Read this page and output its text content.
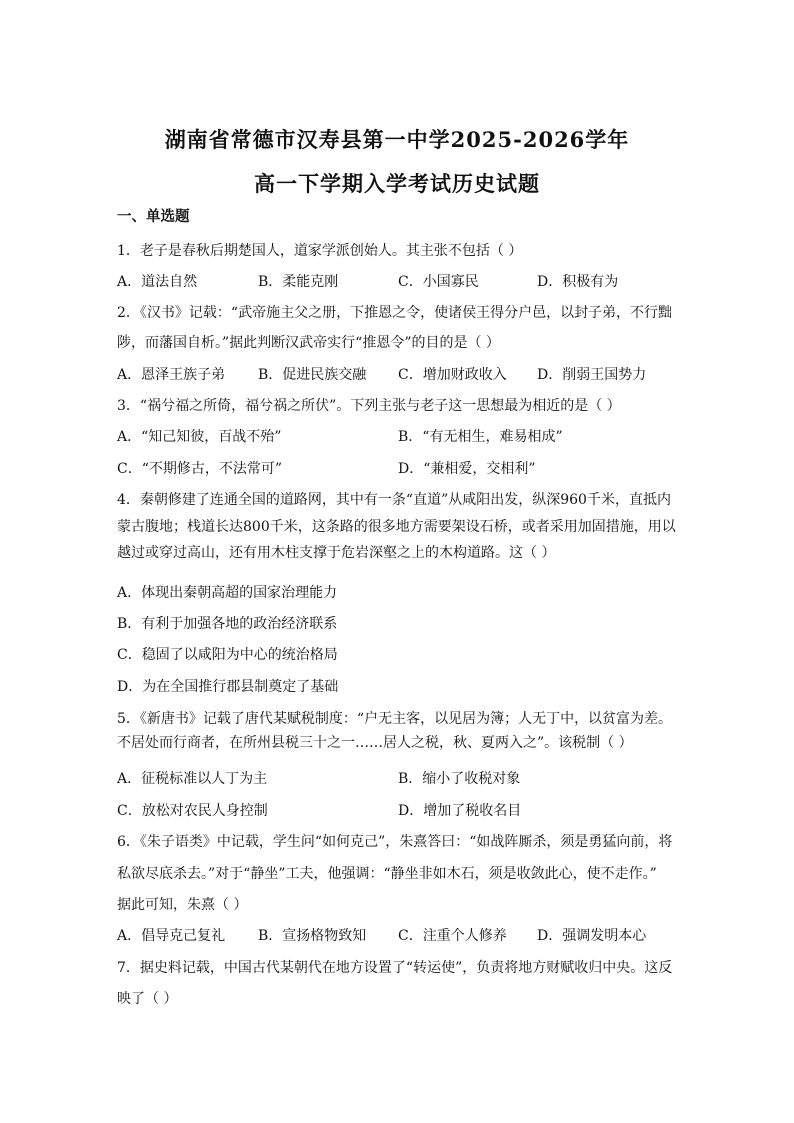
湖南省常德市汉寿县第一中学2025-2026学年
高一下学期入学考试历史试题
一、单选题
1．老子是春秋后期楚国人，道家学派创始人。其主张不包括（ ）
A．道法自然	B．柔能克刚	C．小国寡民	D．积极有为
2．《汉书》记载：“武帝施主父之册，下推恩之令，使诸侯王得分户邑，以封子弟，不行黜
陟，而藩国自析。”据此判断汉武帝实行“推恩令”的目的是（ ）
A．恩泽王族子弟 B．促进民族交融 C．增加财政收入 D．削弱王国势力
3．“祸兮福之所倚，福兮祸之所伏”。下列主张与老子这一思想最为相近的是（ ）
A．“知己知彼，百战不殆”	B．“有无相生，难易相成”
C．“不期修古，不法常可”	D．“兼相爱，交相利”
4．秦朝修建了连通全国的道路网，其中有一条“直道”从咸阳出发，纵深960千米，直抵内
蒙古腹地；栈道长达800千米，这条路的很多地方需要架设石桥，或者采用加固措施，用以
越过或穿过高山，还有用木柱支撑于危岩深壑之上的木构道路。这（ ）
A．体现出秦朝高超的国家治理能力
B．有利于加强各地的政治经济联系
C．稳固了以咸阳为中心的统治格局
D．为在全国推行郡县制奠定了基础
5．《新唐书》记载了唐代某赋税制度：“户无主客，以见居为簿；人无丁中，以贫富为差。
不居处而行商者，在所州县税三十之一……居人之税，秋、夏两入之”。该税制（ ）
A．征税标准以人丁为主	B．缩小了收税对象
C．放松对农民人身控制	D．增加了税收名目
6．《朱子语类》中记载，学生问“如何克己”，朱熹答曰：“如战阵厮杀，须是勇猛向前，将
私欲尽底杀去。”对于“静坐”工夫，他强调：“静坐非如木石，须是收敛此心，使不走作。”
据此可知，朱熹（ ）
A．倡导克己复礼 B．宣扬格物致知 C．注重个人修养 D．强调发明本心
7．据史料记载，中国古代某朝代在地方设置了“转运使”，负责将地方财赋收归中央。这反
映了（ ）
